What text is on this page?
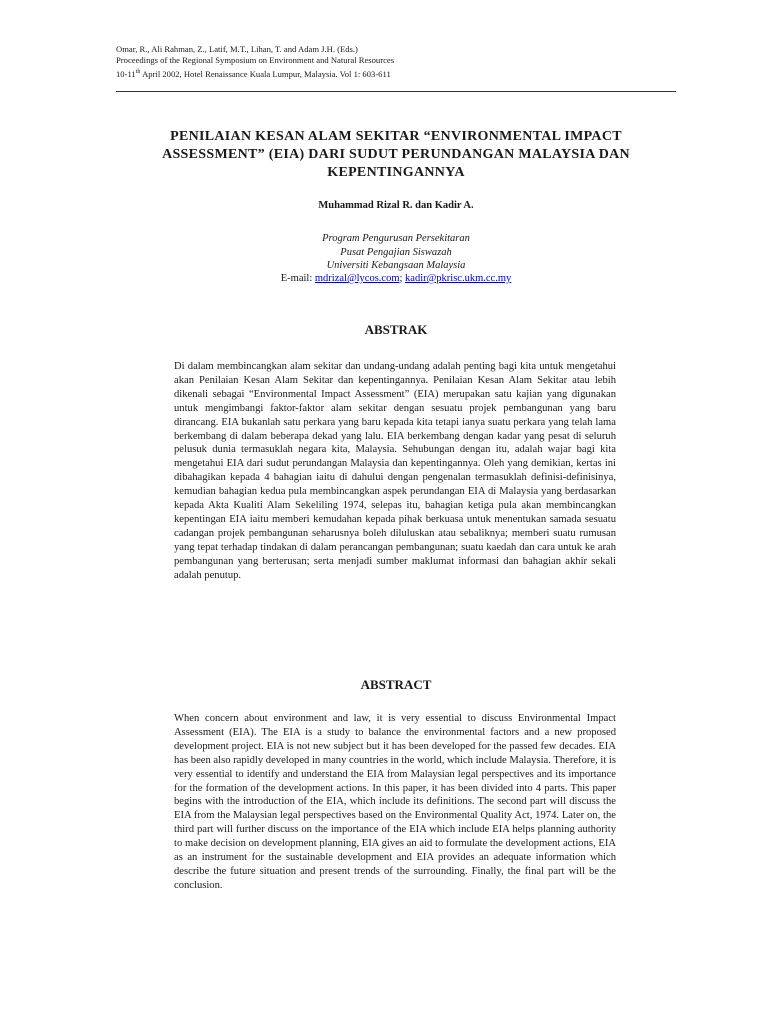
Omar, R., Ali Rahman, Z., Latif, M.T., Lihan, T. and Adam J.H. (Eds.)

Proceedings of the Regional Symposium on Environment and Natural Resources

10-11th April 2002, Hotel Renaissance Kuala Lumpur, Malaysia. Vol 1: 603-611

PENILAIAN KESAN ALAM SEKITAR “ENVIRONMENTAL IMPACT

ASSESSMENT” (EIA) DARI SUDUT PERUNDANGAN MALAYSIA DAN

KEPENTINGANNYA

Muhammad Rizal R. dan Kadir A.

Program Pengurusan Persekitaran

Pusat Pengajian Siswazah

Universiti Kebangsaan Malaysia

E-mail: mdrizal@lycos.com; kadir@pkrisc.ukm.cc.my
ABSTRAK

Di dalam membincangkan alam sekitar dan undang-undang adalah penting bagi kita untuk mengetahui akan Penilaian Kesan Alam Sekitar dan kepentingannya. Penilaian Kesan Alam Sekitar atau lebih dikenali sebagai “Environmental Impact Assessment” (EIA) merupakan satu kajian yang digunakan untuk mengimbangi faktor-faktor alam sekitar dengan sesuatu projek pembangunan yang baru dirancang. EIA bukanlah satu perkara yang baru kepada kita tetapi ianya suatu perkara yang telah lama berkembang di dalam beberapa dekad yang lalu. EIA berkembang dengan kadar yang pesat di seluruh pelusuk dunia termasuklah negara kita, Malaysia. Sehubungan dengan itu, adalah wajar bagi kita mengetahui EIA dari sudut perundangan Malaysia dan kepentingannya. Oleh yang demikian, kertas ini dibahagikan kepada 4 bahagian iaitu di dahului dengan pengenalan termasuklah definisi-definisinya, kemudian bahagian kedua pula membincangkan aspek perundangan EIA di Malaysia yang berdasarkan kepada Akta Kualiti Alam Sekeliling 1974, selepas itu, bahagian ketiga pula akan membincangkan kepentingan EIA iaitu memberi kemudahan kepada pihak berkuasa untuk menentukan samada sesuatu cadangan projek pembangunan seharusnya boleh diluluskan atau sebaliknya; memberi suatu rumusan yang tepat terhadap tindakan di dalam perancangan pembangunan; suatu kaedah dan cara untuk ke arah pembangunan yang berterusan; serta menjadi sumber maklumat informasi dan bahagian akhir sekali adalah penutup.

ABSTRACT

When concern about environment and law, it is very essential to discuss Environmental Impact Assessment (EIA). The EIA is a study to balance the environmental factors and a new proposed development project. EIA is not new subject but it has been developed for the passed few decades. EIA has been also rapidly developed in many countries in the world, which include Malaysia. Therefore, it is very essential to identify and understand the EIA from Malaysian legal perspectives and its importance for the formation of the development actions. In this paper, it has been divided into 4 parts. This paper begins with the introduction of the EIA, which include its definitions. The second part will discuss the EIA from the Malaysian legal perspectives based on the Environmental Quality Act, 1974. Later on, the third part will further discuss on the importance of the EIA which include EIA helps planning authority to make decision on development planning, EIA gives an aid to formulate the development actions, EIA as an instrument for the sustainable development and EIA provides an adequate information which describe the future situation and present trends of the surrounding. Finally, the final part will be the conclusion.
